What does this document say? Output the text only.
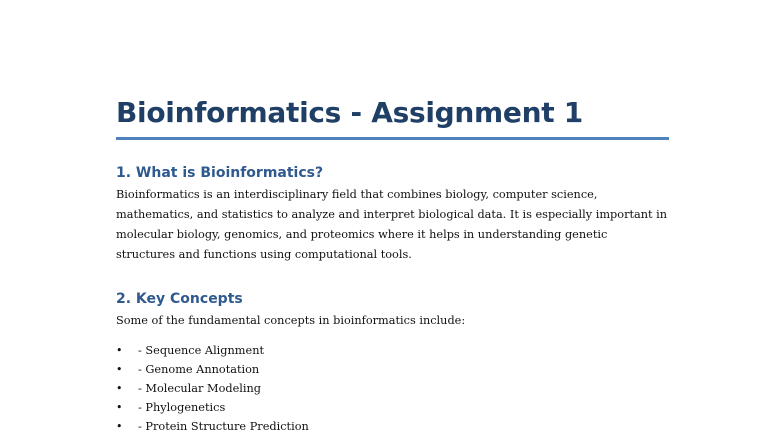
Bioinformatics - Assignment 1
1. What is Bioinformatics?

Bioinformatics is an interdisciplinary field that combines biology, computer science, mathematics, and statistics to analyze and interpret biological data. It is especially important in molecular biology, genomics, and proteomics where it helps in understanding genetic structures and functions using computational tools.

2. Key Concepts

Some of the fundamental concepts in bioinformatics include:

• - Sequence Alignment
• - Genome Annotation
• - Molecular Modeling
• - Phylogenetics
• - Protein Structure Prediction
